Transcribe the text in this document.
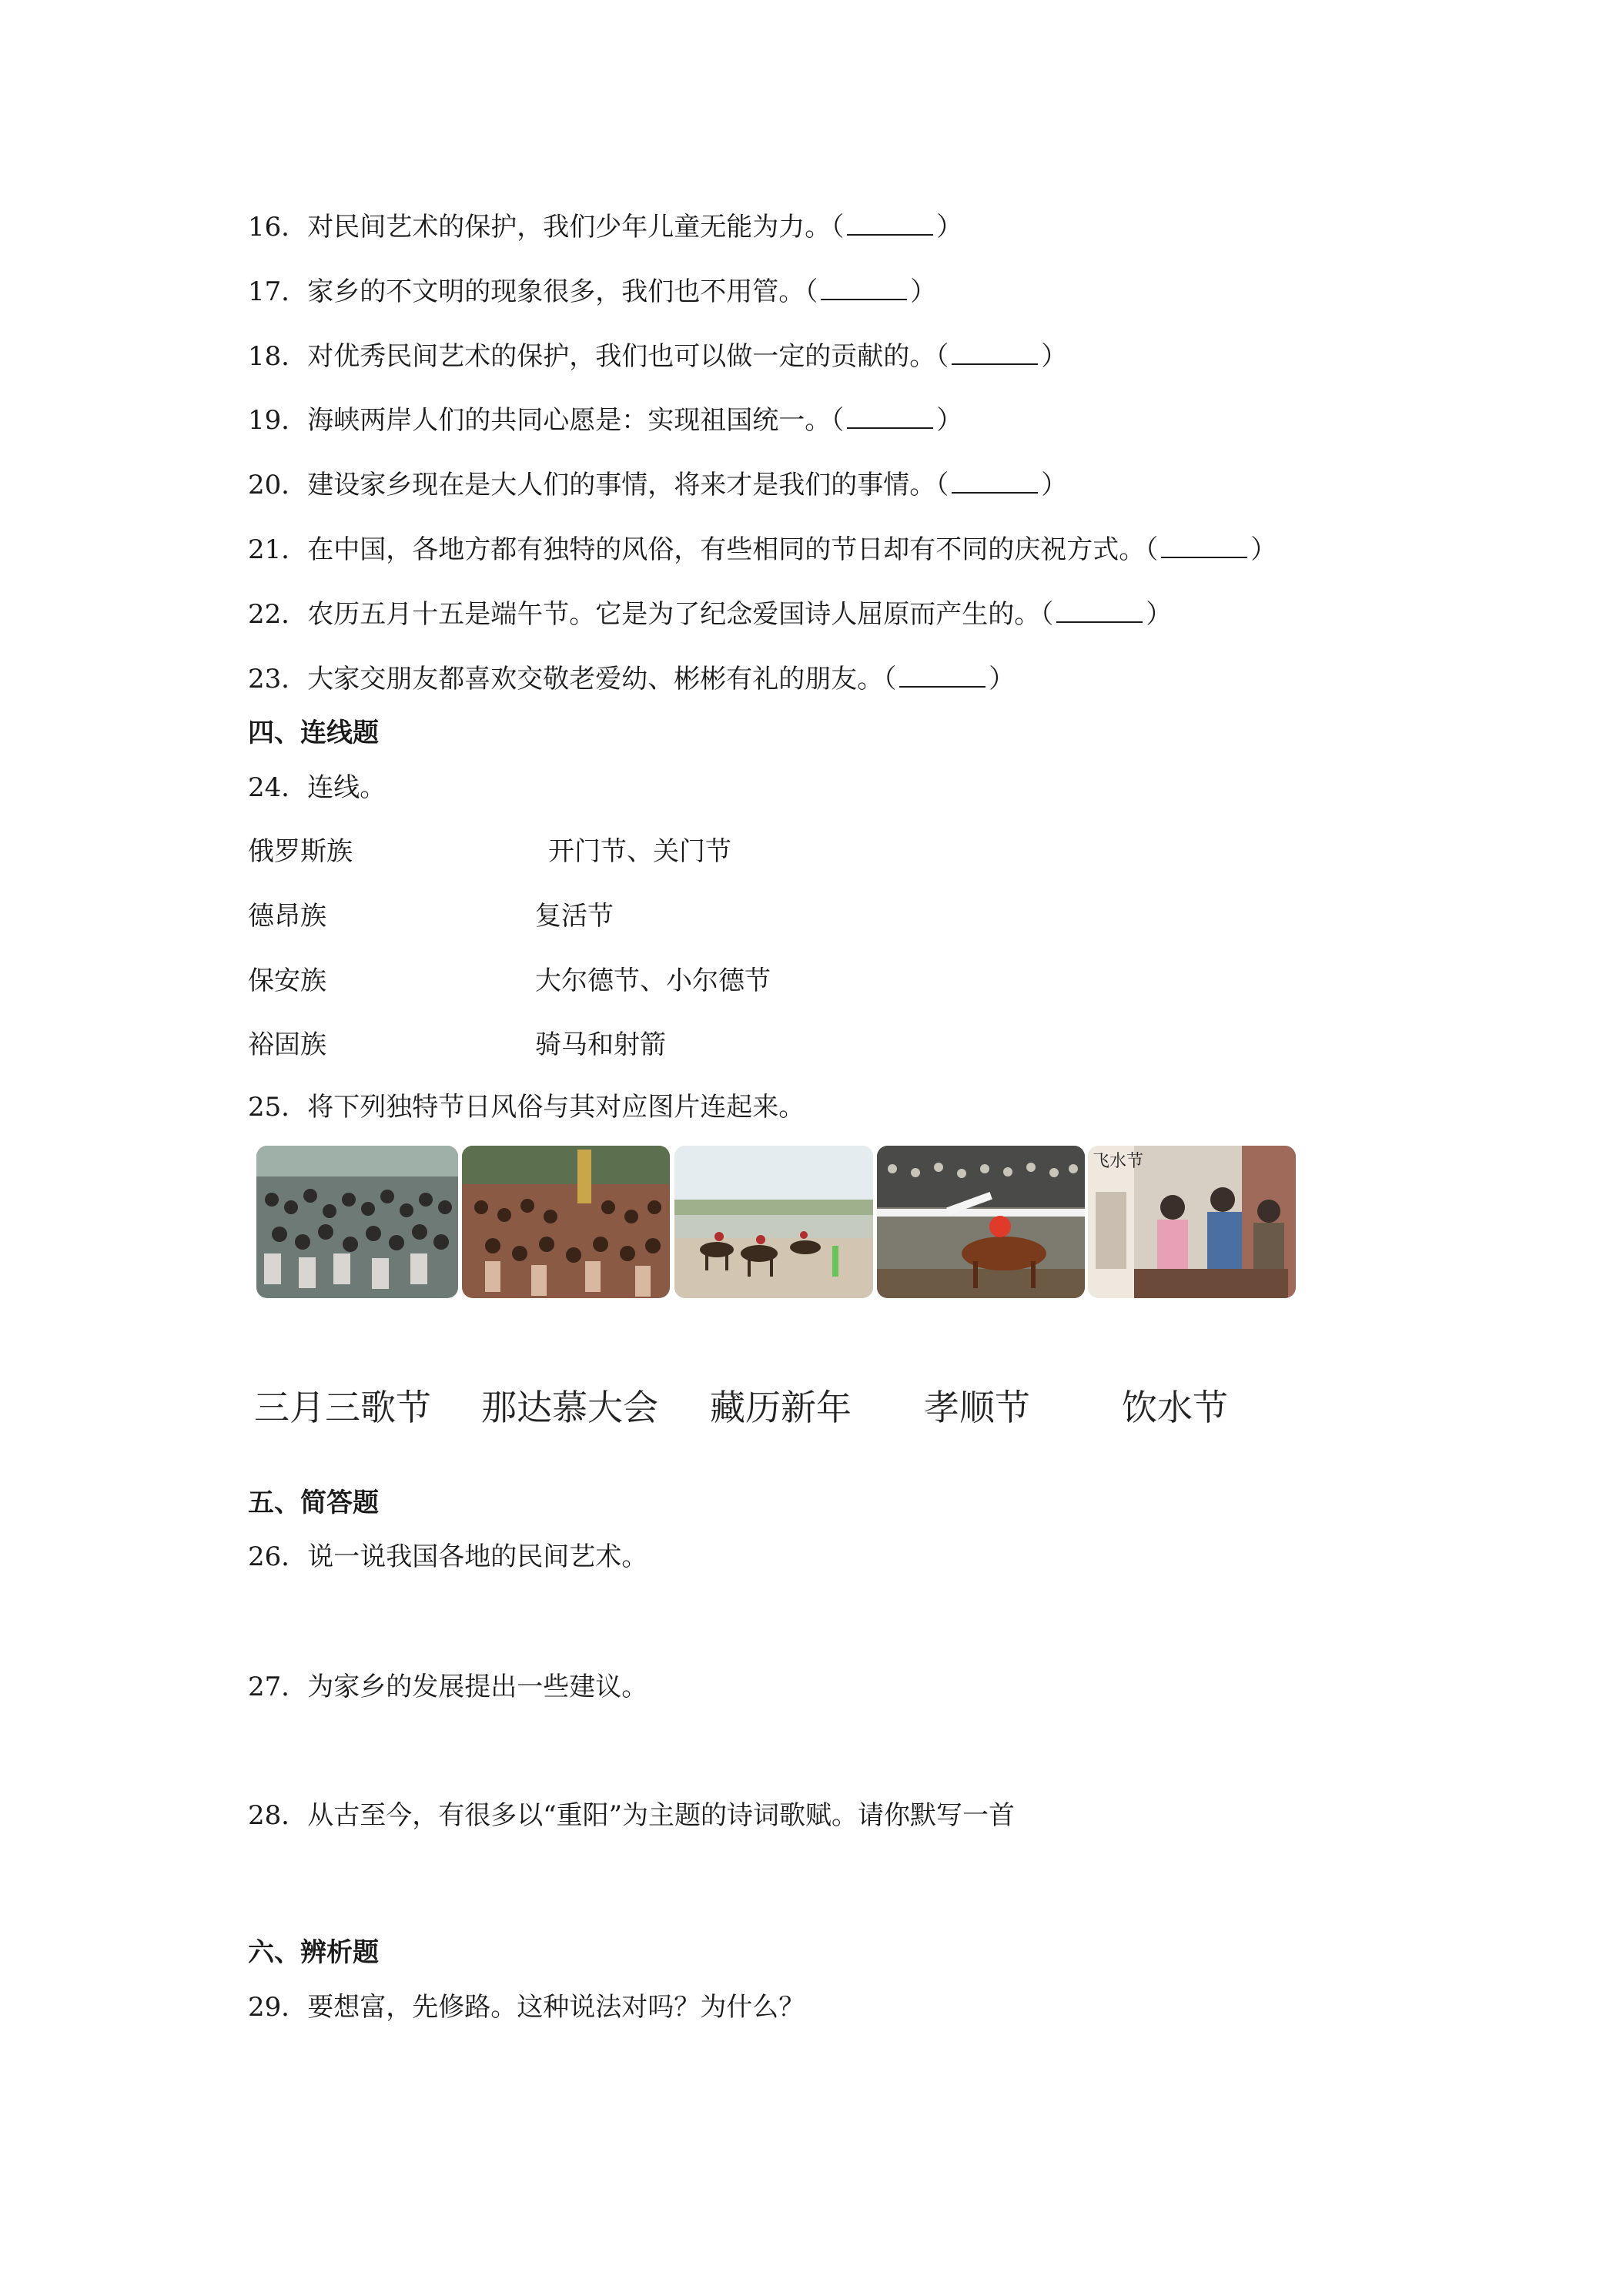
16．对民间艺术的保护，我们少年儿童无能为力。（	）
17．家乡的不文明的现象很多，我们也不用管。（	）
18．对优秀民间艺术的保护，我们也可以做一定的贡献的。（	）
19．海峡两岸人们的共同心愿是：实现祖国统一。（	）
20．建设家乡现在是大人们的事情，将来才是我们的事情。（	）
21．在中国，各地方都有独特的风俗，有些相同的节日却有不同的庆祝方式。（	）
22．农历五月十五是端午节。它是为了纪念爱国诗人屈原而产生的。（	）
23．大家交朋友都喜欢交敬老爱幼、彬彬有礼的朋友。（	）
四、连线题
24．连线。
俄罗斯族	开门节、关门节
德昂族	复活节
保安族	大尔德节、小尔德节
裕固族	骑马和射箭
25．将下列独特节日风俗与其对应图片连起来。
飞水节
三月三歌节 那达慕大会 藏历新年 孝顺节	饮水节
五、简答题
26．说一说我国各地的民间艺术。
27．为家乡的发展提出一些建议。
28．从古至今，有很多以“重阳”为主题的诗词歌赋。请你默写一首
六、辨析题
29．要想富，先修路。这种说法对吗？为什么？
